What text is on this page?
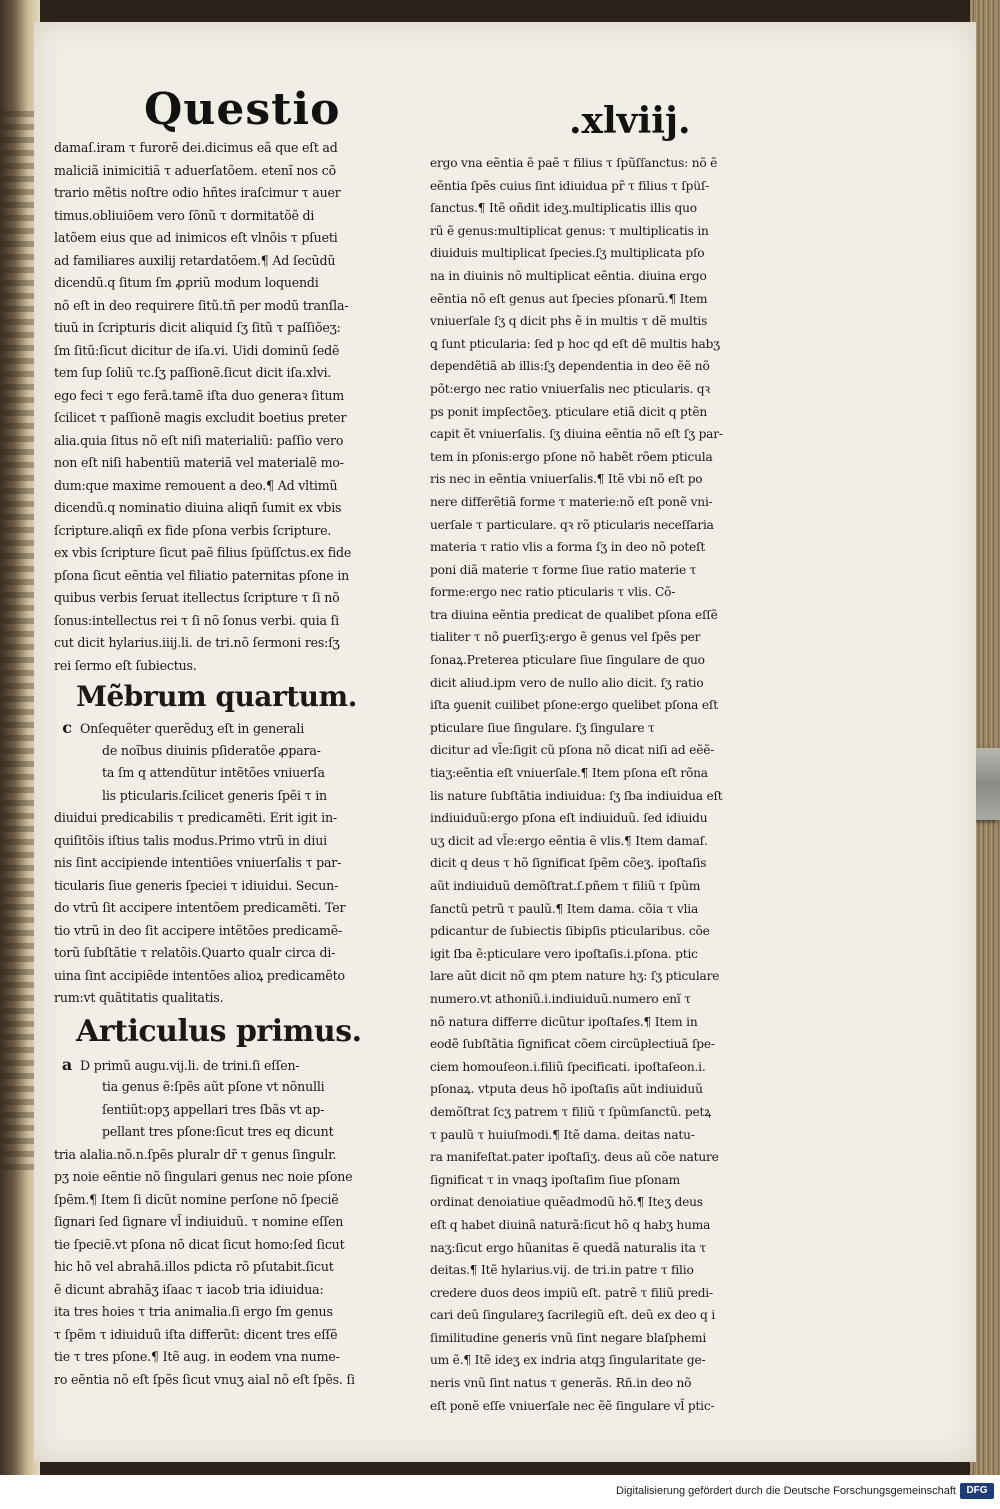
Questio	.xlviij.
damaſ.iram τ furorẽ dei.dicimus eã que eſt ad
maliciã inimicitiã τ aduerſatõem. etenĩ nos cõ
trario mẽtis noſtre odio hñtes iraſcimur τ auer
timus.obliuiõem vero ſõnũ τ dormitatõẽ di
latõem eius que ad inimicos eſt vlnõis τ pſueti
ad familiares auxilij retardatõem.¶ Ad ſecũdũ
dicendũ.q ſitum ſm ꝓpriũ modum loquendi
nõ eſt in deo requirere ſitũ.tñ per modũ tranſla-
tiuũ in ſcripturis dicit aliquid ſʒ ſitũ τ paſſiõeʒ:
ſm ſitũ:ſicut dicitur de iſa.vi. Uidi dominũ ſedẽ
tem ſup ſoliũ τc.ſʒ paſſionẽ.ſicut dicit iſa.xlvi.
ego feci τ ego ferã.tamẽ iſta duo generaꝛ ſitum
ſcilicet τ paſſionẽ magis excludit boetius preter
alia.quia ſitus nõ eſt niſi materialiũ: paſſio vero
non eſt niſi habentiũ materiã vel materialẽ mo-
dum:que maxime remouent a deo.¶ Ad vltimũ
dicendũ.q nominatio diuina aliqñ ſumit ex vbis
ſcripture.aliqñ ex fide pſona verbis ſcripture.
ex vbis ſcripture ſicut paẽ filius ſpüſſctus.ex fide
pſona ſicut eẽntia vel filiatio paternitas pſone in
quibus verbis ſeruat itellectus ſcripture τ ſi nõ
ſonus:intellectus rei τ ſi nõ ſonus verbi. quia ſi
cut dicit hylarius.iiij.li. de tri.nõ ſermoni res:ſʒ
rei ſermo eſt ſubiectus.
Mẽbrum quartum.
c Onſequẽter querẽduʒ eſt in generali
de noĩbus diuinis pſideratõe ꝓpara-
ta ſm q attendũtur intẽtões vniuerſa
lis pticularis.ſcilicet generis ſpẽi τ in
diuidui predicabilis τ predicamẽti. Erit igit in-
quiſitõis iſtius talis modus.Primo vtrũ in diui
nis ſint accipiende intentiões vniuerſalis τ par-
ticularis ſiue generis ſpeciei τ idiuidui. Secun-
do vtrũ ſit accipere intentõem predicamẽti. Ter
tio vtrũ in deo ſit accipere intẽtões predicamẽ-
torũ ſubſtãtie τ relatõis.Quarto qualr circa di-
uina ſint accipiẽde intentões alioꝝ predicamẽto
rum:vt quãtitatis qualitatis.
Articulus primus.
a D primũ augu.vij.li. de trini.ſi eſſen-
tia genus ẽ:ſpẽs aũt pſone vt nõnulli
ſentiũt:opʒ appellari tres ſbãs vt ap-
pellant tres pſone:ſicut tres eq dicunt
tria alalia.nõ.n.ſpẽs pluralr dr̃ τ genus ſingulr.
pʒ noie eẽntie nõ ſingulari genus nec noie pſone
ſpẽm.¶ Item ſi dicũt nomine perſone nõ ſpeciẽ
ſignari ſed ſignare vl̃ indiuiduũ. τ nomine eſſen
tie ſpeciẽ.vt pſona nõ dicat ſicut homo:ſed ſicut
hic hõ vel abrahã.illos pdicta rõ pſutabit.ſicut
ẽ dicunt abrahãʒ iſaac τ iacob tria idiuidua:
ita tres hoies τ tria animalia.ſi ergo ſm genus
τ ſpẽm τ idiuiduũ iſta differũt: dicent tres eſſẽ
tie τ tres pſone.¶ Itẽ aug. in eodem vna nume-
ro eẽntia nõ eſt ſpẽs ſicut vnuʒ aial nõ eſt ſpẽs. ſi
ergo vna eẽntia ẽ paẽ τ filius τ ſpũſſanctus: nõ ẽ
eẽntia ſpẽs cuius ſint idiuidua pr̃ τ filius τ ſpüſ-
ſanctus.¶ Itẽ oñdit ideʒ.multiplicatis illis quo
rũ ẽ genus:multiplicat genus: τ multiplicatis in
diuiduis multiplicat ſpecies.ſʒ multiplicata pſo
na in diuinis nõ multiplicat eẽntia. diuina ergo
eẽntia nõ eſt genus aut ſpecies pſonarũ.¶ Item
vniuerſale ſʒ q dicit phs ẽ in multis τ dẽ multis
ꝗ ſunt pticularia: ſed p hoc qd eſt dẽ multis habʒ
dependẽtiã ab illis:ſʒ dependentia in deo ẽẽ nõ
põt:ergo nec ratio vniuerſalis nec pticularis. qꝛ
ps ponit impſectõeʒ. pticulare etiã dicit q ptẽn
capit ẽt vniuerſalis. ſʒ diuina eẽntia nõ eſt ſʒ par-
tem in pſonis:ergo pſone nõ habẽt rõem pticula
ris nec in eẽntia vniuerſalis.¶ Itẽ vbi nõ eſt po
nere differẽtiã forme τ materie:nõ eſt ponẽ vni-
uerſale τ particulare. qꝛ rõ pticularis neceſſaria
materia τ ratio vlis a forma ſʒ in deo nõ poteſt
poni diã materie τ forme ſiue ratio materie τ
forme:ergo nec ratio pticularis τ vlis. Cõ-
tra diuina eẽntia predicat de qualibet pſona eſſẽ
tialiter τ nõ ꝑuerſiʒ:ergo ẽ genus vel ſpẽs per
ſonaꝝ.Preterea pticulare ſiue ſingulare de quo
dicit aliud.ipm vero de nullo alio dicit. ſʒ ratio
iſta ꝯuenit cuilibet pſone:ergo quelibet pſona eſt
pticulare ſiue ſingulare. ſʒ ſingulare τ
dicitur ad vl̃e:ſigit cũ pſona nõ dicat niſi ad eẽẽ-
tiaʒ:eẽntia eſt vniuerſale.¶ Item pſona eſt rõna
lis nature ſubſtãtia indiuidua: ſʒ ſba indiuidua eſt
indiuiduũ:ergo pſona eſt indiuiduũ. ſed idiuidu
uʒ dicit ad vl̃e:ergo eẽntia ẽ vlis.¶ Item damaſ.
dicit q deus τ hõ ſignificat ſpẽm cõeʒ. ipoſtaſis
aũt indiuiduũ demõſtrat.ſ.pñem τ filiũ τ ſpũm
ſanctũ petrũ τ paulũ.¶ Item dama. cõia τ vlia
pdicantur de ſubiectis ſibipſis pticularibus. cõe
igit ſba ẽ:pticulare vero ipoſtaſis.i.pſona. ptic
lare aũt dicit nõ qm ptem nature hʒ: ſʒ pticulare
numero.vt athoniũ.i.indiuiduũ.numero enĩ τ
nõ natura differre dicũtur ipoſtaſes.¶ Item in
eodẽ ſubſtãtia ſignificat cõem circũplectiuã ſpe-
ciem homouſeon.i.filiũ ſpecificati. ipoſtaſeon.i.
pſonaꝝ. vtputa deus hõ ipoſtaſis aũt indiuiduũ
demõſtrat ſcʒ patrem τ filiũ τ ſpũmſanctũ. petꝝ
τ paulũ τ huiuſmodi.¶ Itẽ dama. deitas natu-
ra manifeſtat.pater ipoſtaſiʒ. deus aũ cõe nature
ſignificat τ in vnaqꝫ ipoſtaſim ſiue pſonam
ordinat denoiatiue quẽadmodũ hõ.¶ Iteʒ deus
eſt q habet diuinã naturã:ſicut hõ q habʒ huma
naʒ:ſicut ergo hũanitas ẽ quedã naturalis ita τ
deitas.¶ Itẽ hylarius.vij. de tri.in patre τ filio
credere duos deos impiũ eſt. patrẽ τ filiũ predi-
cari deũ ſingulareʒ ſacrilegiũ eſt. deũ ex deo q i
ſimilitudine generis vnũ ſint negare blaſphemi
um ẽ.¶ Itẽ ideʒ ex indria atqꝫ ſingularitate ge-
neris vnũ ſint natus τ generãs. Rñ.in deo nõ
eſt ponẽ eſſe vniuerſale nec ẽẽ ſingulare vl̃ ptic-
Digitalisierung gefördert durch die Deutsche Forschungsgemeinschaft	DFG
